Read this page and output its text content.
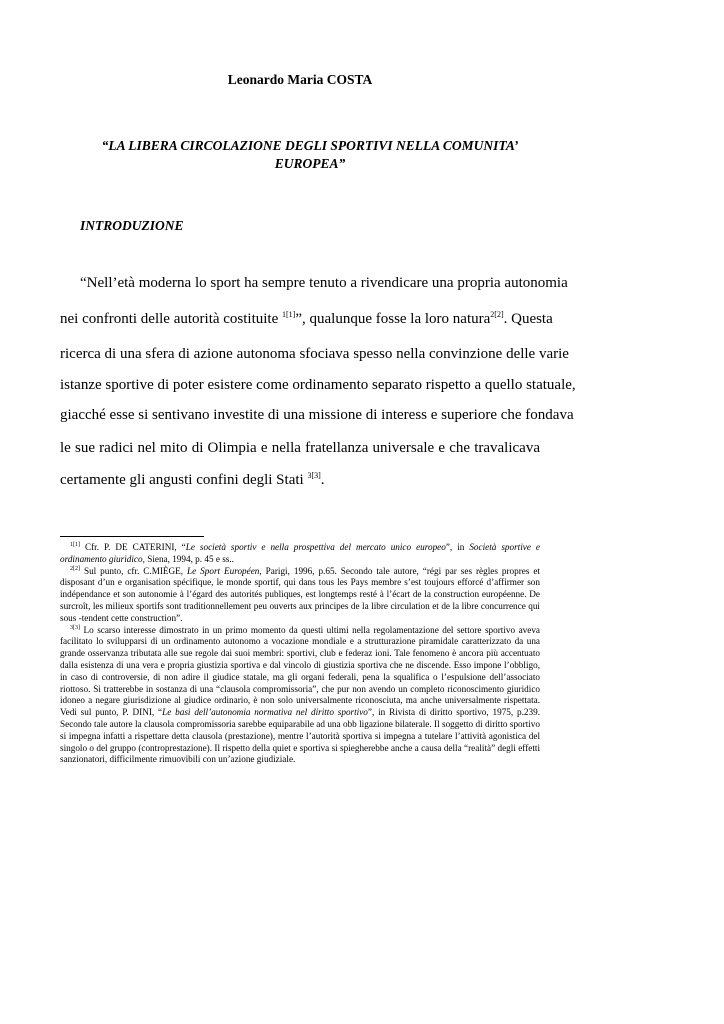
Leonardo Maria COSTA
“LA LIBERA CIRCOLAZIONE DEGLI SPORTIVI NELLA COMUNITA’
EUROPEA”
INTRODUZIONE
“Nell’età moderna lo sport ha sempre tenuto a rivendicare una propria autonomia
nei confronti delle autorità costituite $^{1[1]}$”, qualunque fosse la loro natura$^{2[2]}$. Questa
ricerca di una sfera di azione autonoma sfociava spesso nella convinzione delle varie
istanze sportive di poter esistere come ordinamento separato rispetto a quello statuale,
giacché esse si sentivano investite di una missione di interess e superiore che fondava
le sue radici nel mito di Olimpia e nella fratellanza universale e che travalicava
certamente gli angusti confini degli Stati $^{3[3]}$.

$^{1[1]}$ Cfr. P. DE CATERINI, “Le società sportiv e nella prospettiva del mercato unico europeo”, in Società sportive e ordinamento giuridico, Siena, 1994, p. 45 e ss..

$^{2[2]}$ Sul punto, cfr. C.MIÈGE, Le Sport Européen, Parigi, 1996, p.65. Secondo tale autore, “régi par ses règles propres et disposant d’un e organisation spécifique, le monde sportif, qui dans tous les Pays membre s’est toujours efforcé d’affirmer son indépendance et son autonomie à l’égard des autorités publiques, est longtemps resté à l’écart de la construction européenne. De surcroît, les milieux sportifs sont traditionnellement peu ouverts aux principes de la libre circulation et de la libre concurrence qui sous -tendent cette construction”.

$^{3[3]}$ Lo scarso interesse dimostrato in un primo momento da questi ultimi nella regolamentazione del settore sportivo aveva facilitato lo svilupparsi di un ordinamento autonomo a vocazione mondiale e a strutturazione piramidale caratterizzato da una grande osservanza tributata alle sue regole dai suoi membri: sportivi, club e federaz ioni. Tale fenomeno è ancora più accentuato dalla esistenza di una vera e propria giustizia sportiva e dal vincolo di giustizia sportiva che ne discende. Esso impone l’obbligo, in caso di controversie, di non adire il giudice statale, ma gli organi federali, pena la squalifica o l’espulsione dell’associato riottoso. Si tratterebbe in sostanza di una “clausola compromissoria”, che pur non avendo un completo riconoscimento giuridico idoneo a negare giurisdizione al giudice ordinario, è non solo universalmente riconosciuta, ma anche universalmente rispettata. Vedi sul punto, P. DINI, “Le basi dell’autonomia normativa nel diritto sportivo”, in Rivista di diritto sportivo, 1975, p.239. Secondo tale autore la clausola compromissoria sarebbe equiparabile ad una obb ligazione bilaterale. Il soggetto di diritto sportivo si impegna infatti a rispettare detta clausola (prestazione), mentre l’autorità sportiva si impegna a tutelare l’attività agonistica del singolo o del gruppo (controprestazione). Il rispetto della quiet e sportiva si spiegherebbe anche a causa della “realità” degli effetti sanzionatori, difficilmente rimuovibili con un’azione giudiziale.
